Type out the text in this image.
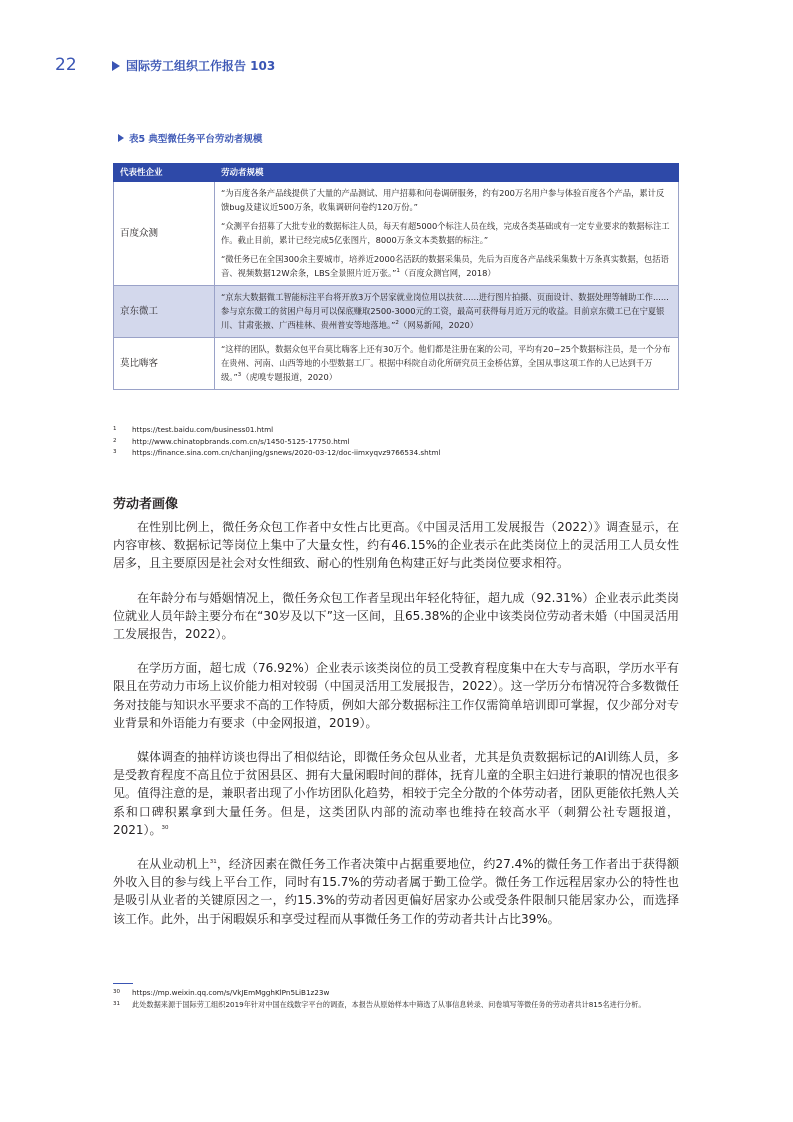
22	国际劳工组织工作报告 103
表5 典型微任务平台劳动者规模
代表性企业	劳动者规模
百度众测	“为百度各条产品线提供了大量的产品测试、用户招募和问卷调研服务，约有200万名用户参与体验百度各个产品，累计反馈bug及建议近500万条，收集调研问卷约120万份。”

“众测平台招募了大批专业的数据标注人员，每天有超5000个标注人员在线，完成各类基础或有一定专业要求的数据标注工作。截止目前，累计已经完成5亿张图片，8000万条文本类数据的标注。”

“微任务已在全国300余主要城市，培养近2000名活跃的数据采集员，先后为百度各产品线采集数十万条真实数据，包括语音、视频数据12W余条，LBS全景照片近万张。”$^1$（百度众测官网，2018）

京东微工	“京东大数据微工智能标注平台将开放3万个居家就业岗位用以扶贫......进行图片拍摄、页面设计、数据处理等辅助工作......参与京东微工的贫困户每月可以保底赚取2500-3000元的工资，最高可获得每月近万元的收益。目前京东微工已在宁夏银川、甘肃张掖、广西桂林、贵州普安等地落地。”$^2$（网易新闻，2020）

莫比嗨客	“这样的团队，数据众包平台莫比嗨客上还有30万个。他们都是注册在案的公司，平均有20~25个数据标注员，是一个分布在贵州、河南、山西等地的小型数据工厂。根据中科院自动化所研究员王金桥估算，全国从事这项工作的人已达到千万级。”$^3$（虎嗅专题报道，2020）

1	https://test.baidu.com/business01.html
2	http://www.chinatopbrands.com.cn/s/1450-5125-17750.html
3	https://finance.sina.com.cn/chanjing/gsnews/2020-03-12/doc-iimxyqvz9766534.shtml
劳动者画像

在性别比例上，微任务众包工作者中女性占比更高。《中国灵活用工发展报告（2022）》调查显示，在内容审核、数据标记等岗位上集中了大量女性，约有46.15%的企业表示在此类岗位上的灵活用工人员女性居多，且主要原因是社会对女性细致、耐心的性别角色构建正好与此类岗位要求相符。

在年龄分布与婚姻情况上，微任务众包工作者呈现出年轻化特征，超九成（92.31%）企业表示此类岗位就业人员年龄主要分布在“30岁及以下”这一区间，且65.38%的企业中该类岗位劳动者未婚（中国灵活用工发展报告，2022）。

在学历方面，超七成（76.92%）企业表示该类岗位的员工受教育程度集中在大专与高职，学历水平有限且在劳动力市场上议价能力相对较弱（中国灵活用工发展报告，2022）。这一学历分布情况符合多数微任务对技能与知识水平要求不高的工作特质，例如大部分数据标注工作仅需简单培训即可掌握，仅少部分对专业背景和外语能力有要求（中金网报道，2019）。

媒体调查的抽样访谈也得出了相似结论，即微任务众包从业者，尤其是负责数据标记的AI训练人员，多是受教育程度不高且位于贫困县区、拥有大量闲暇时间的群体，抚育儿童的全职主妇进行兼职的情况也很多见。值得注意的是，兼职者出现了小作坊团队化趋势，相较于完全分散的个体劳动者，团队更能依托熟人关系和口碑积累拿到大量任务。但是，这类团队内部的流动率也维持在较高水平（刺猬公社专题报道，2021）。$^{30}$

在从业动机上$^{31}$，经济因素在微任务工作者决策中占据重要地位，约27.4%的微任务工作者出于获得额外收入目的参与线上平台工作，同时有15.7%的劳动者属于勤工俭学。微任务工作远程居家办公的特性也是吸引从业者的关键原因之一，约15.3%的劳动者因更偏好居家办公或受条件限制只能居家办公，而选择该工作。此外，出于闲暇娱乐和享受过程而从事微任务工作的劳动者共计占比39%。

30	https://mp.weixin.qq.com/s/VkJEmMgghKlPn5LiB1z23w
31	此处数据来源于国际劳工组织2019年针对中国在线数字平台的调查，本报告从原始样本中筛选了从事信息转录、问卷填写等微任务的劳动者共计815名进行分析。
